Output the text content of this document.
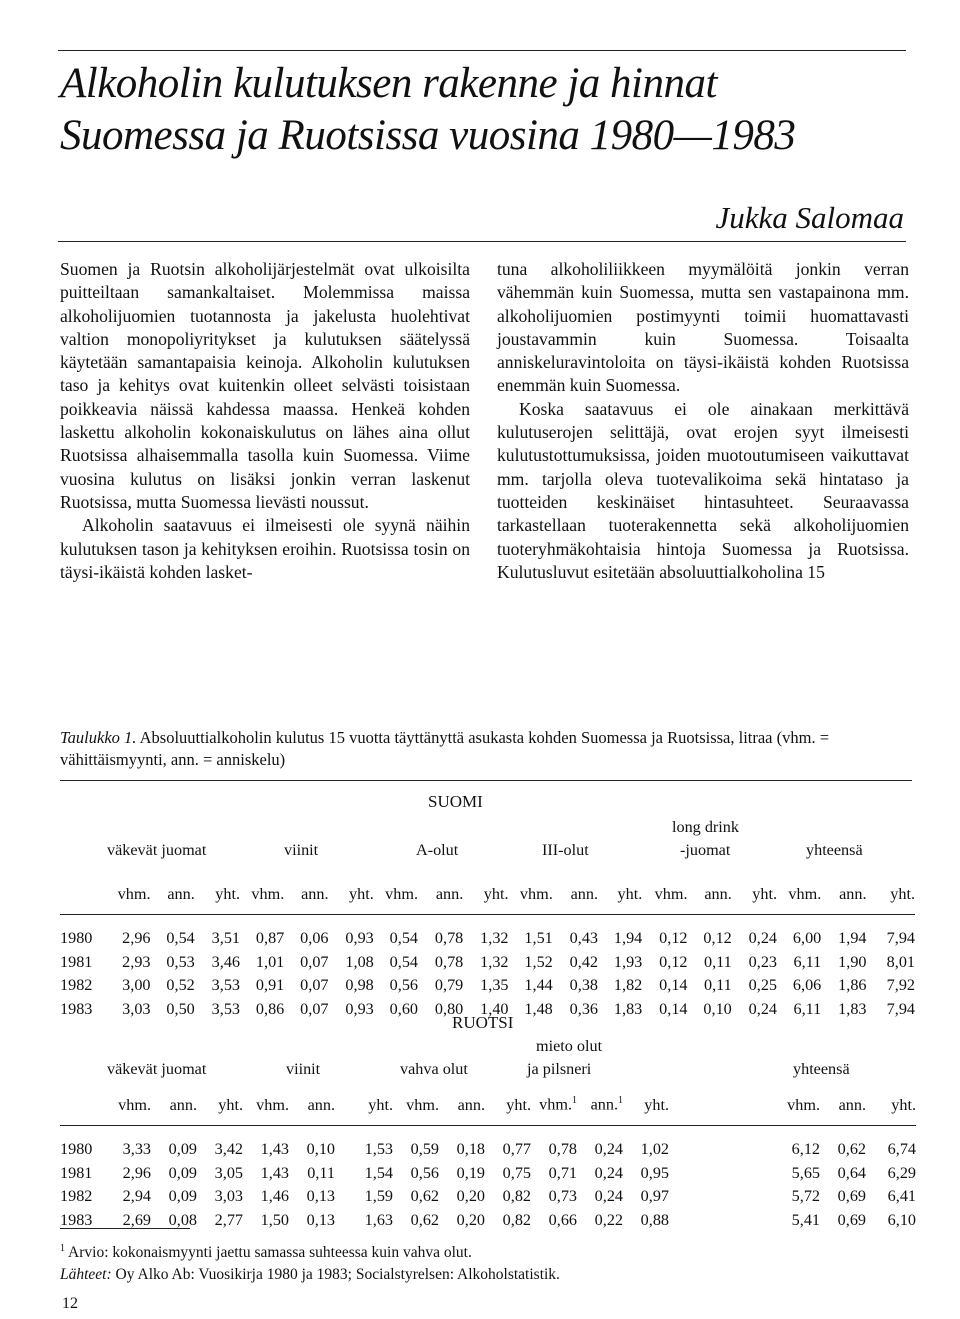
Alkoholin kulutuksen rakenne ja hinnat
Suomessa ja Ruotsissa vuosina 1980—1983
Jukka Salomaa

Suomen ja Ruotsin alkoholijärjestelmät ovat ulkoisilta puitteiltaan samankaltaiset. Molemmissa maissa alkoholijuomien tuotannosta ja jakelusta huolehtivat valtion monopoliyritykset ja kulutuksen säätelyssä käytetään samantapaisia keinoja. Alkoholin kulutuksen taso ja kehitys ovat kuitenkin olleet selvästi toisistaan poikkeavia näissä kahdessa maassa. Henkeä kohden laskettu alkoholin kokonaiskulutus on lähes aina ollut Ruotsissa alhaisemmalla tasolla kuin Suomessa. Viime vuosina kulutus on lisäksi jonkin verran laskenut Ruotsissa, mutta Suomessa lievästi noussut.

Alkoholin saatavuus ei ilmeisesti ole syynä näihin kulutuksen tason ja kehityksen eroihin. Ruotsissa tosin on täysi-ikäistä kohden lasket-

tuna alkoholiliikkeen myymälöitä jonkin verran vähemmän kuin Suomessa, mutta sen vastapainona mm. alkoholijuomien postimyynti toimii huomattavasti joustavammin kuin Suomessa. Toisaalta anniskeluravintoloita on täysi-ikäistä kohden Ruotsissa enemmän kuin Suomessa.

Koska saatavuus ei ole ainakaan merkittävä kulutuserojen selittäjä, ovat erojen syyt ilmeisesti kulutustottumuksissa, joiden muotoutumiseen vaikuttavat mm. tarjolla oleva tuotevalikoima sekä hintataso ja tuotteiden keskinäiset hintasuhteet. Seuraavassa tarkastellaan tuoterakennetta sekä alkoholijuomien tuoteryhmäkohtaisia hintoja Suomessa ja Ruotsissa. Kulutusluvut esitetään absoluuttialkoholina 15

Taulukko 1. Absoluuttialkoholin kulutus 15 vuotta täyttänyttä asukasta kohden Suomessa ja Ruotsissa, litraa (vhm. = vähittäismyynti, ann. = anniskelu)
SUOMI
long drink
väkevät juomat	viinit	A-olut	III-olut	-juomat	yhteensä
	vhm.	ann.	yht.	vhm.	ann.	yht.	vhm.	ann.	yht.	vhm.	ann.	yht.	vhm.	ann.	yht.	vhm.	ann.	yht.

1980	2,96	0,54	3,51	0,87	0,06	0,93	0,54	0,78	1,32	1,51	0,43	1,94	0,12	0,12	0,24	6,00	1,94	7,94
1981	2,93	0,53	3,46	1,01	0,07	1,08	0,54	0,78	1,32	1,52	0,42	1,93	0,12	0,11	0,23	6,11	1,90	8,01
1982	3,00	0,52	3,53	0,91	0,07	0,98	0,56	0,79	1,35	1,44	0,38	1,82	0,14	0,11	0,25	6,06	1,86	7,92
1983	3,03	0,50	3,53	0,86	0,07	0,93	0,60	0,80	1,40	1,48	0,36	1,83	0,14	0,10	0,24	6,11	1,83	7,94
RUOTSI
mieto olut
väkevät juomat	viinit	vahva olut	ja pilsneri	yhteensä
	vhm.	ann.	yht.	vhm.	ann.	yht.	vhm.	ann.	yht.	vhm.$^1$	ann.$^1$	yht.	vhm.	ann.	yht.

1980	3,33	0,09	3,42	1,43	0,10	1,53	0,59	0,18	0,77	0,78	0,24	1,02	6,12	0,62	6,74
1981	2,96	0,09	3,05	1,43	0,11	1,54	0,56	0,19	0,75	0,71	0,24	0,95	5,65	0,64	6,29
1982	2,94	0,09	3,03	1,46	0,13	1,59	0,62	0,20	0,82	0,73	0,24	0,97	5,72	0,69	6,41
1983	2,69	0,08	2,77	1,50	0,13	1,63	0,62	0,20	0,82	0,66	0,22	0,88	5,41	0,69	6,10
$^1$ Arvio: kokonaismyynti jaettu samassa suhteessa kuin vahva olut.
Lähteet: Oy Alko Ab: Vuosikirja 1980 ja 1983; Socialstyrelsen: Alkoholstatistik.
12
